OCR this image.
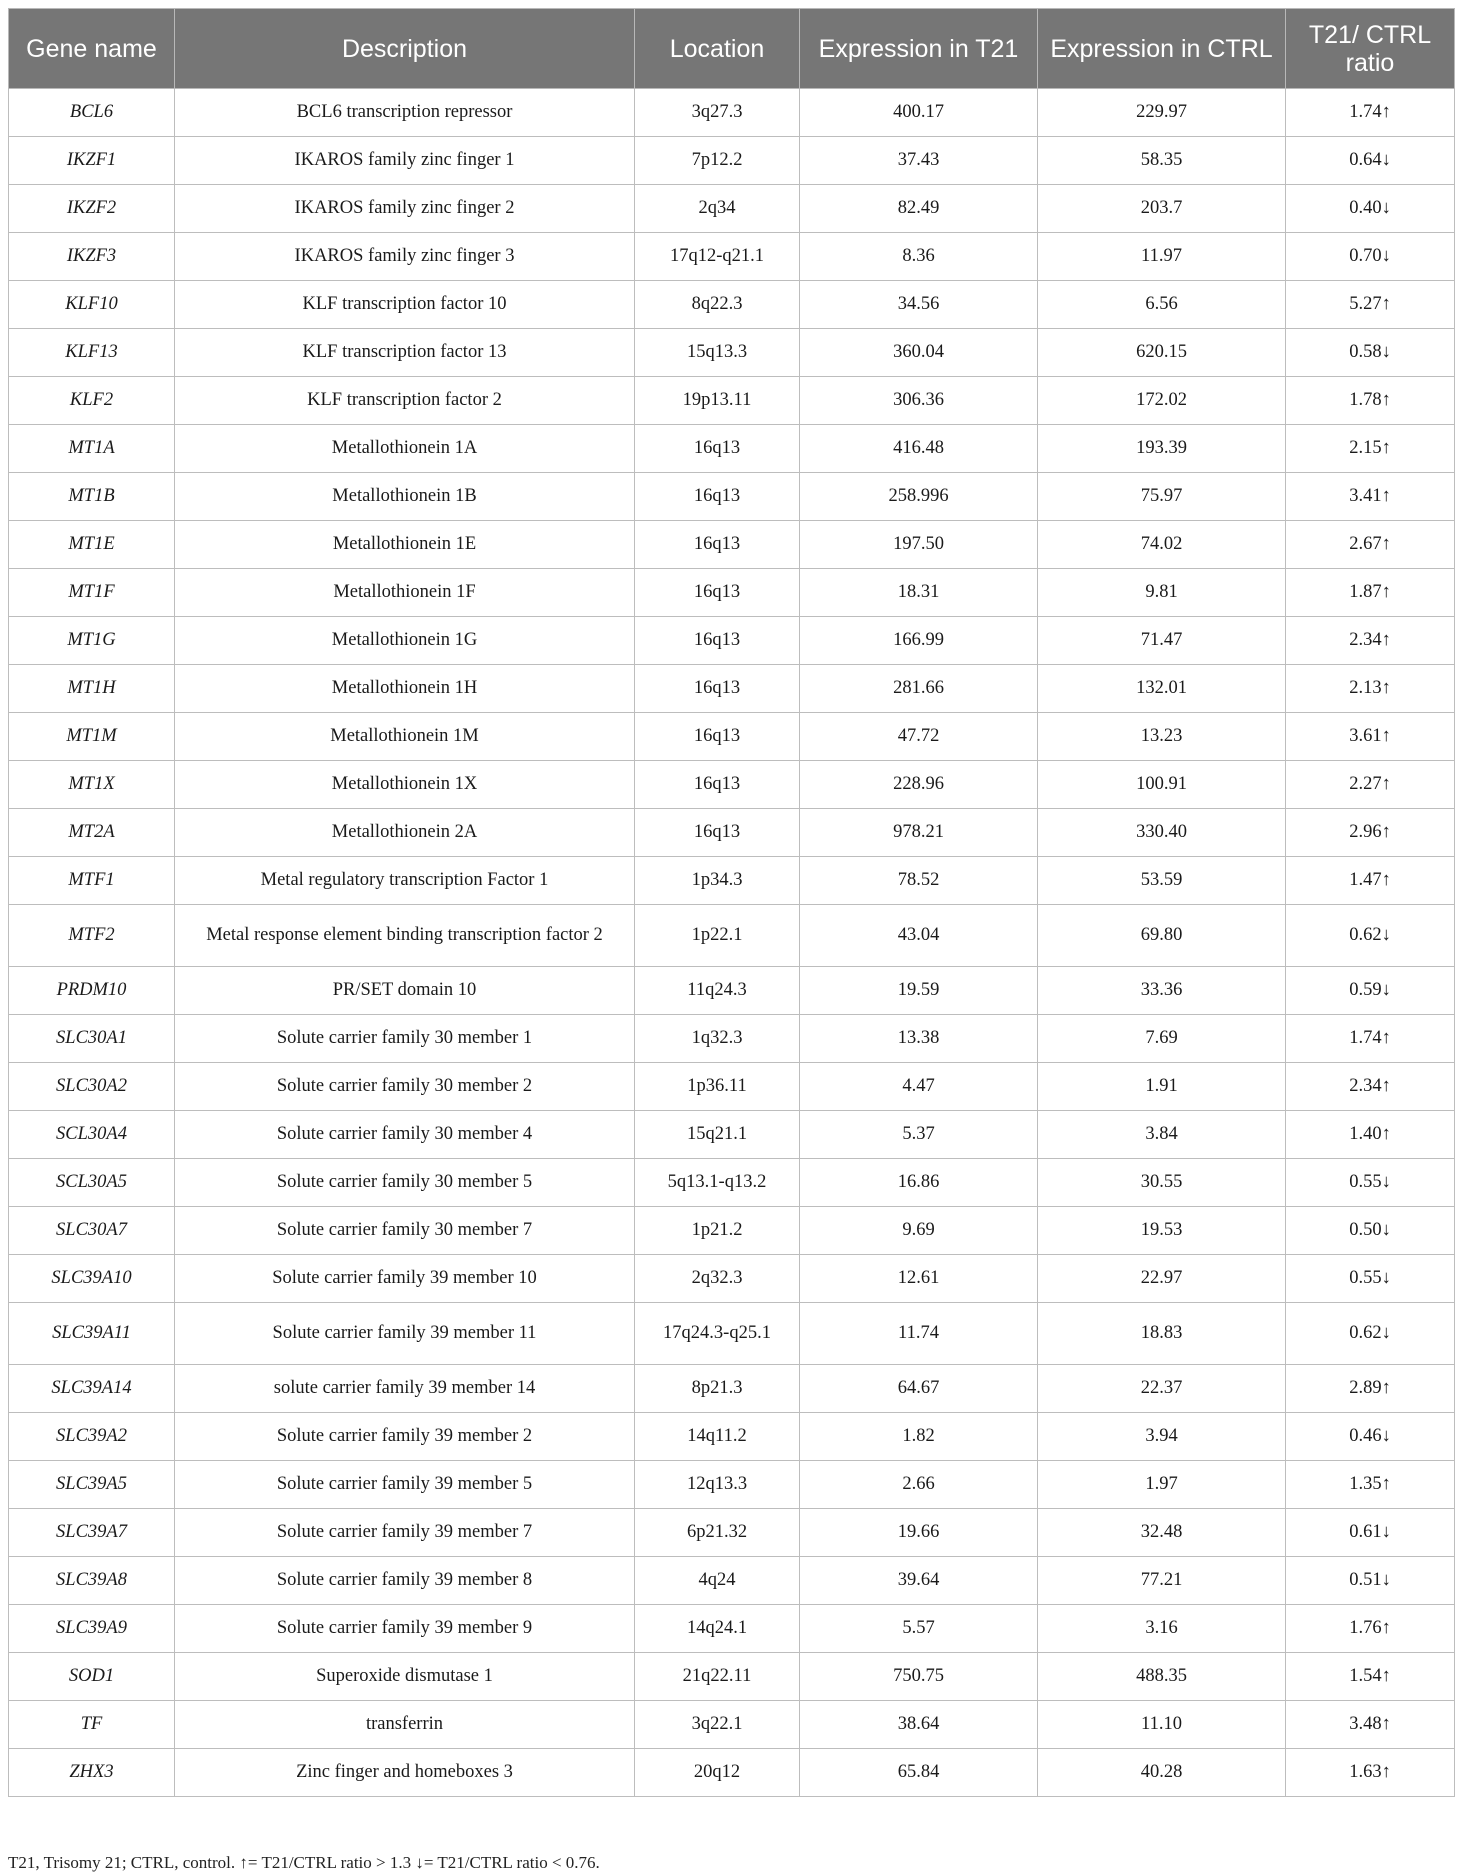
Gene name	Description	Location	Expression in T21	Expression in CTRL	T21/ CTRL ratio
BCL6	BCL6 transcription repressor	3q27.3	400.17	229.97	1.74↑
IKZF1	IKAROS family zinc finger 1	7p12.2	37.43	58.35	0.64↓
IKZF2	IKAROS family zinc finger 2	2q34	82.49	203.7	0.40↓
IKZF3	IKAROS family zinc finger 3	17q12-q21.1	8.36	11.97	0.70↓
KLF10	KLF transcription factor 10	8q22.3	34.56	6.56	5.27↑
KLF13	KLF transcription factor 13	15q13.3	360.04	620.15	0.58↓
KLF2	KLF transcription factor 2	19p13.11	306.36	172.02	1.78↑
MT1A	Metallothionein 1A	16q13	416.48	193.39	2.15↑
MT1B	Metallothionein 1B	16q13	258.996	75.97	3.41↑
MT1E	Metallothionein 1E	16q13	197.50	74.02	2.67↑
MT1F	Metallothionein 1F	16q13	18.31	9.81	1.87↑
MT1G	Metallothionein 1G	16q13	166.99	71.47	2.34↑
MT1H	Metallothionein 1H	16q13	281.66	132.01	2.13↑
MT1M	Metallothionein 1M	16q13	47.72	13.23	3.61↑
MT1X	Metallothionein 1X	16q13	228.96	100.91	2.27↑
MT2A	Metallothionein 2A	16q13	978.21	330.40	2.96↑
MTF1	Metal regulatory transcription Factor 1	1p34.3	78.52	53.59	1.47↑
MTF2	Metal response element binding transcription factor 2	1p22.1	43.04	69.80	0.62↓
PRDM10	PR/SET domain 10	11q24.3	19.59	33.36	0.59↓
SLC30A1	Solute carrier family 30 member 1	1q32.3	13.38	7.69	1.74↑
SLC30A2	Solute carrier family 30 member 2	1p36.11	4.47	1.91	2.34↑
SCL30A4	Solute carrier family 30 member 4	15q21.1	5.37	3.84	1.40↑
SCL30A5	Solute carrier family 30 member 5	5q13.1-q13.2	16.86	30.55	0.55↓
SLC30A7	Solute carrier family 30 member 7	1p21.2	9.69	19.53	0.50↓
SLC39A10	Solute carrier family 39 member 10	2q32.3	12.61	22.97	0.55↓
SLC39A11	Solute carrier family 39 member 11	17q24.3-q25.1	11.74	18.83	0.62↓
SLC39A14	solute carrier family 39 member 14	8p21.3	64.67	22.37	2.89↑
SLC39A2	Solute carrier family 39 member 2	14q11.2	1.82	3.94	0.46↓
SLC39A5	Solute carrier family 39 member 5	12q13.3	2.66	1.97	1.35↑
SLC39A7	Solute carrier family 39 member 7	6p21.32	19.66	32.48	0.61↓
SLC39A8	Solute carrier family 39 member 8	4q24	39.64	77.21	0.51↓
SLC39A9	Solute carrier family 39 member 9	14q24.1	5.57	3.16	1.76↑
SOD1	Superoxide dismutase 1	21q22.11	750.75	488.35	1.54↑
TF	transferrin	3q22.1	38.64	11.10	3.48↑
ZHX3	Zinc finger and homeboxes 3	20q12	65.84	40.28	1.63↑
T21, Trisomy 21; CTRL, control. ↑= T21/CTRL ratio > 1.3 ↓= T21/CTRL ratio < 0.76.
